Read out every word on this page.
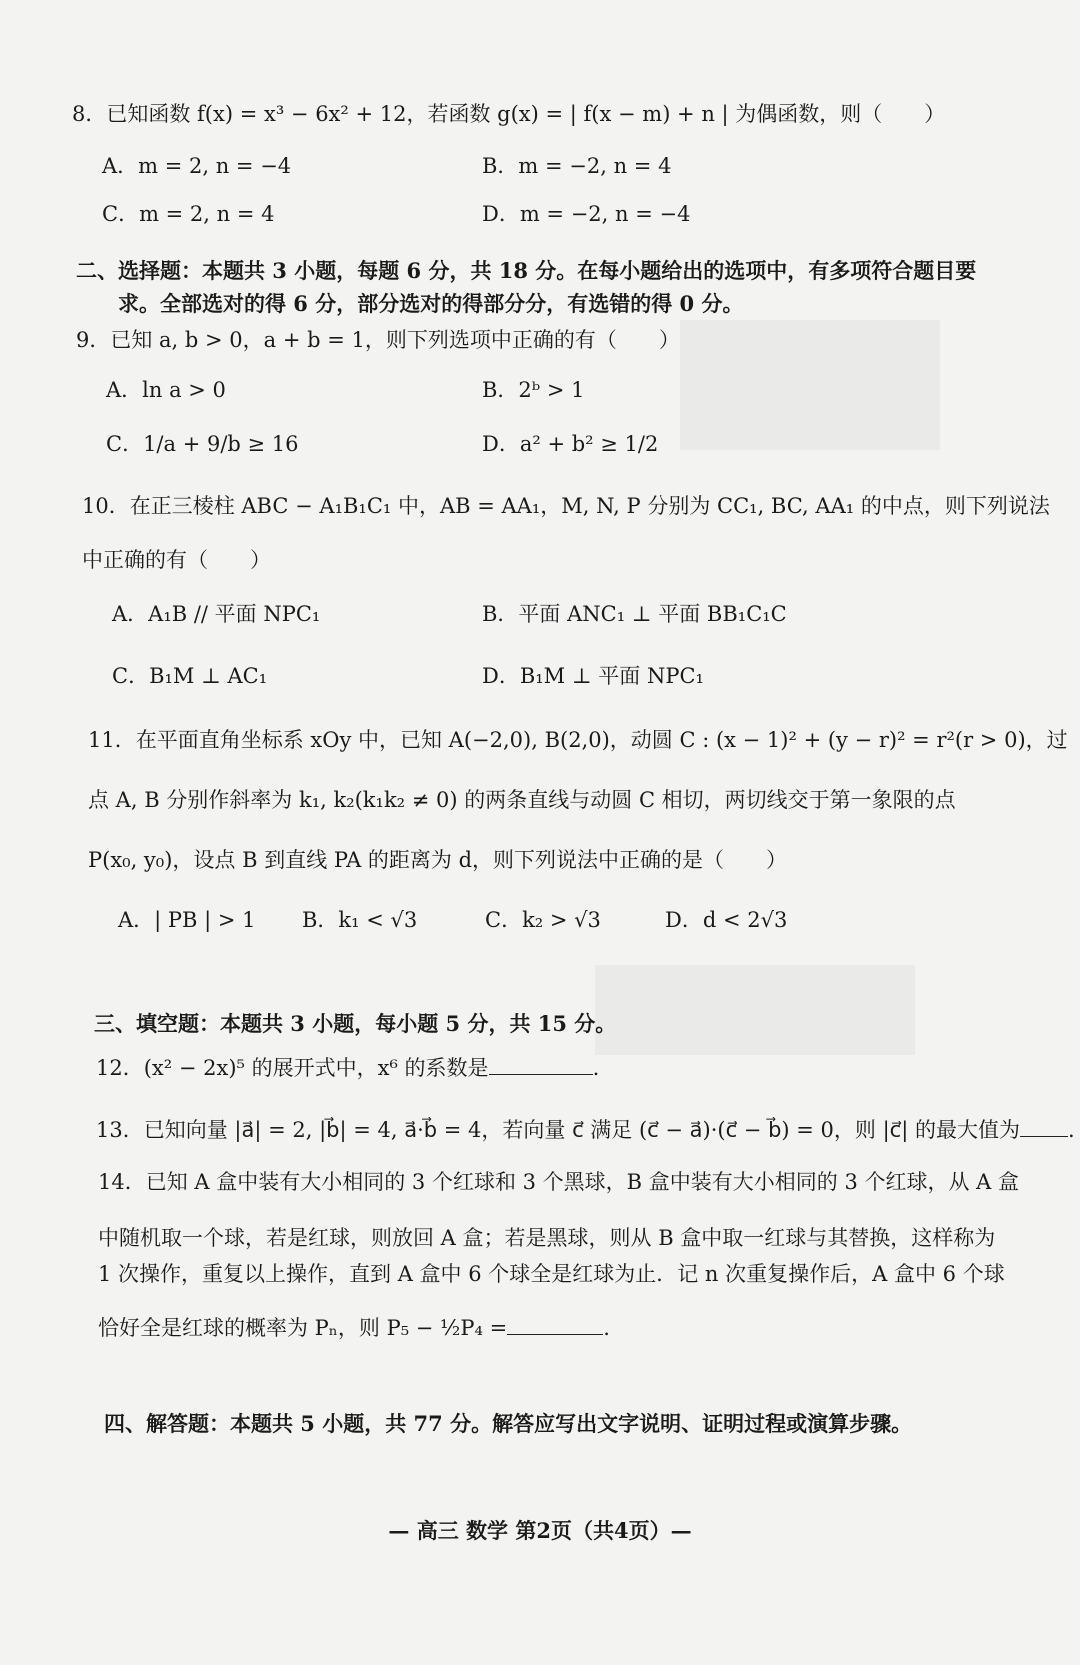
8．已知函数 f(x) = x³ − 6x² + 12，若函数 g(x) = | f(x − m) + n | 为偶函数，则（　　）
A．m = 2, n = −4	B．m = −2, n = 4
C．m = 2, n = 4	D．m = −2, n = −4
二、选择题：本题共 3 小题，每题 6 分，共 18 分。在每小题给出的选项中，有多项符合题目要
求。全部选对的得 6 分，部分选对的得部分分，有选错的得 0 分。
9．已知 a, b > 0，a + b = 1，则下列选项中正确的有（　　）
A．ln a > 0	B．2ᵇ > 1
C．1/a + 9/b ≥ 16	D．a² + b² ≥ 1/2
10．在正三棱柱 ABC − A₁B₁C₁ 中，AB = AA₁，M, N, P 分别为 CC₁, BC, AA₁ 的中点，则下列说法
中正确的有（　　）
A．A₁B // 平面 NPC₁	B．平面 ANC₁ ⊥ 平面 BB₁C₁C
C．B₁M ⊥ AC₁	D．B₁M ⊥ 平面 NPC₁
11．在平面直角坐标系 xOy 中，已知 A(−2,0), B(2,0)，动圆 C : (x − 1)² + (y − r)² = r²(r > 0)，过
点 A, B 分别作斜率为 k₁, k₂(k₁k₂ ≠ 0) 的两条直线与动圆 C 相切，两切线交于第一象限的点
P(x₀, y₀)，设点 B 到直线 PA 的距离为 d，则下列说法中正确的是（　　）
A．| PB | > 1 B．k₁ < √3	C．k₂ > √3	D．d < 2√3
三、填空题：本题共 3 小题，每小题 5 分，共 15 分。
12．(x² − 2x)⁵ 的展开式中，x⁶ 的系数是	.
13．已知向量 |a⃗| = 2, |b⃗| = 4, a⃗·b⃗ = 4，若向量 c⃗ 满足 (c⃗ − a⃗)·(c⃗ − b⃗) = 0，则 |c⃗| 的最大值为 .
14．已知 A 盒中装有大小相同的 3 个红球和 3 个黑球，B 盒中装有大小相同的 3 个红球，从 A 盒
中随机取一个球，若是红球，则放回 A 盒；若是黑球，则从 B 盒中取一红球与其替换，这样称为
1 次操作，重复以上操作，直到 A 盒中 6 个球全是红球为止．记 n 次重复操作后，A 盒中 6 个球
恰好全是红球的概率为 Pₙ，则 P₅ − ½P₄ =	.
四、解答题：本题共 5 小题，共 77 分。解答应写出文字说明、证明过程或演算步骤。
— 高三 数学 第2页（共4页）—
